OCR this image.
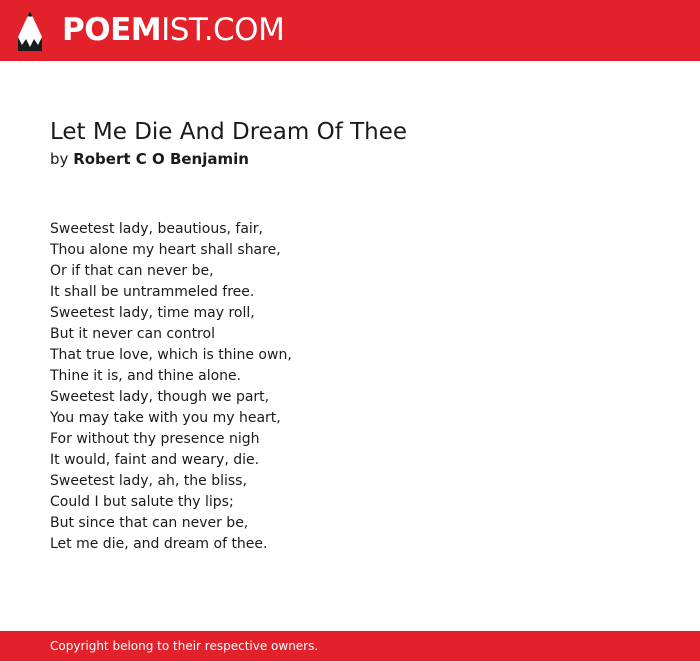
POEMIST.COM
Let Me Die And Dream Of Thee
by Robert C O Benjamin
Sweetest lady, beautious, fair,
Thou alone my heart shall share,
Or if that can never be,
It shall be untrammeled free.
Sweetest lady, time may roll,
But it never can control
That true love, which is thine own,
Thine it is, and thine alone.
Sweetest lady, though we part,
You may take with you my heart,
For without thy presence nigh
It would, faint and weary, die.
Sweetest lady, ah, the bliss,
Could I but salute thy lips;
But since that can never be,
Let me die, and dream of thee.
Copyright belong to their respective owners.
